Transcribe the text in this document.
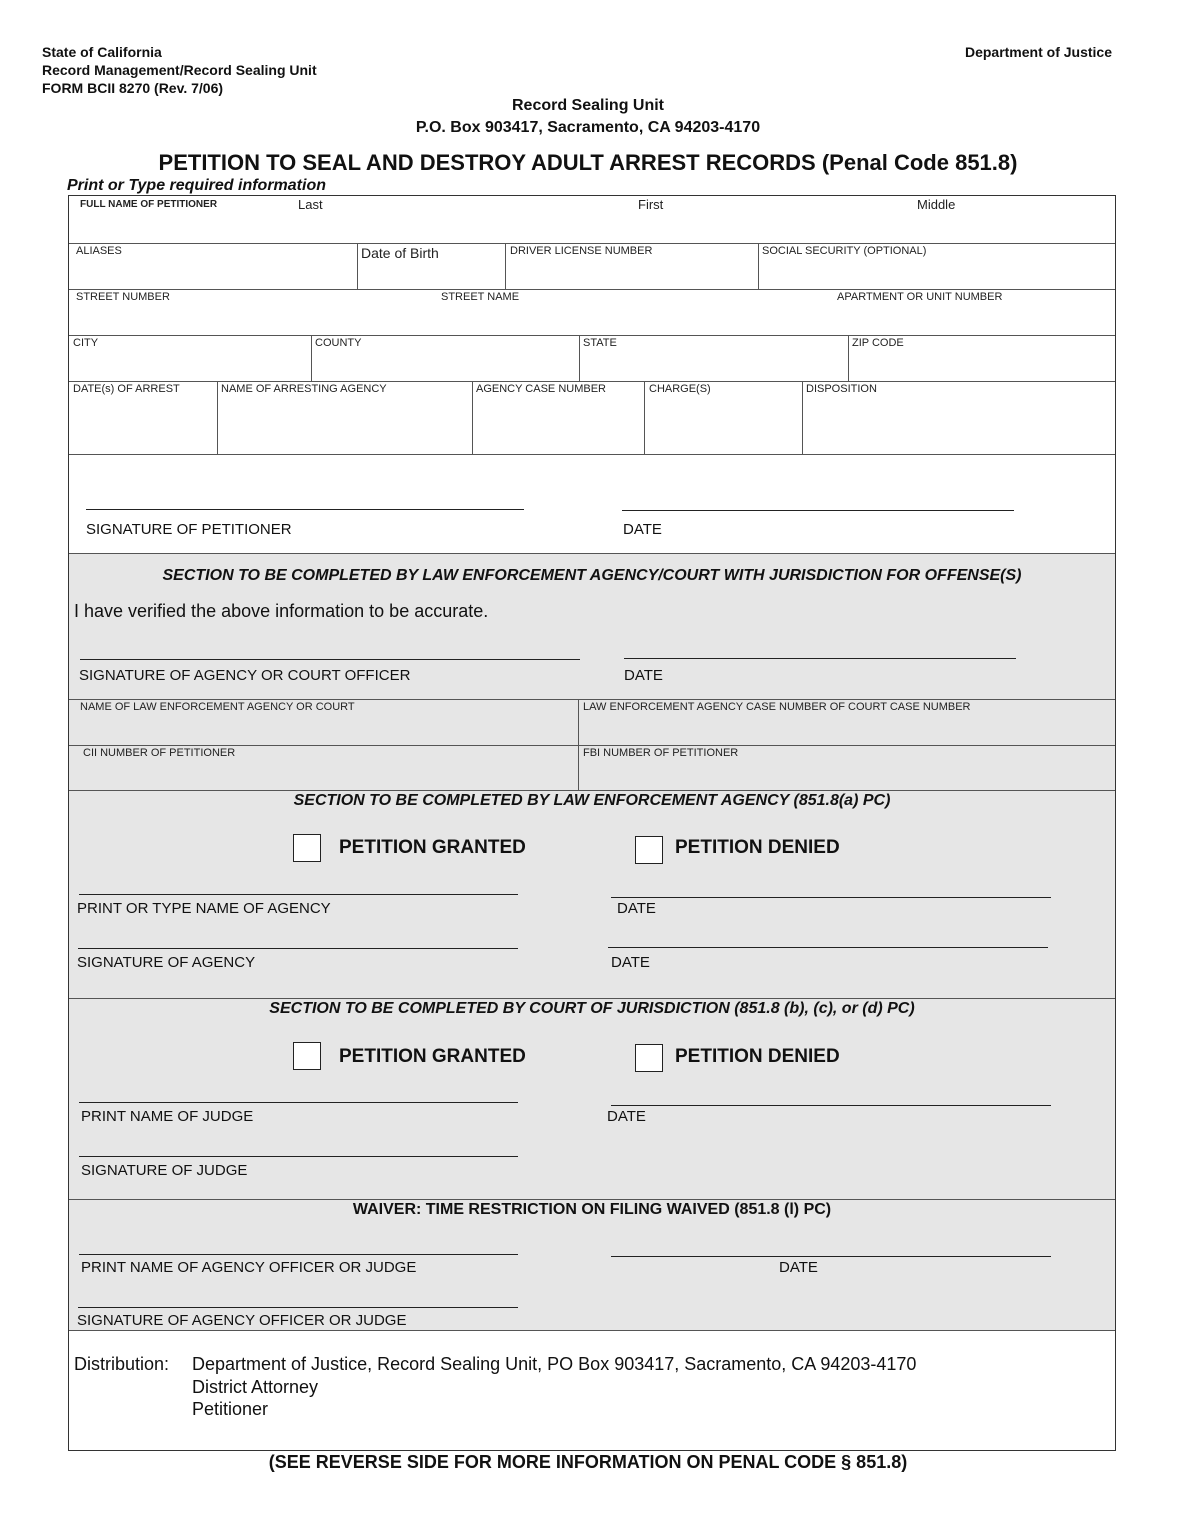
State of California
Record Management/Record Sealing Unit
FORM BCII 8270 (Rev. 7/06)
Department of Justice
Record Sealing Unit
P.O. Box 903417, Sacramento, CA 94203-4170
PETITION TO SEAL AND DESTROY ADULT ARREST RECORDS (Penal Code 851.8)
Print or Type required information
FULL NAME OF PETITIONER	Last	First	Middle
ALIASES	Date of Birth	DRIVER LICENSE NUMBER	SOCIAL SECURITY (OPTIONAL)
STREET NUMBER	STREET NAME	APARTMENT OR UNIT NUMBER
CITY	COUNTY	STATE	ZIP CODE
DATE(s) OF ARREST	NAME OF ARRESTING AGENCY	AGENCY CASE NUMBER	CHARGE(S)	DISPOSITION
SIGNATURE OF PETITIONER	DATE
SECTION TO BE COMPLETED BY LAW ENFORCEMENT AGENCY/COURT WITH JURISDICTION FOR OFFENSE(S)
I have verified the above information to be accurate.
SIGNATURE OF AGENCY OR COURT OFFICER	DATE
NAME OF LAW ENFORCEMENT AGENCY OR COURT	LAW ENFORCEMENT AGENCY CASE NUMBER OF COURT CASE NUMBER
CII NUMBER OF PETITIONER	FBI NUMBER OF PETITIONER
SECTION TO BE COMPLETED BY LAW ENFORCEMENT AGENCY (851.8(a) PC)
PETITION GRANTED	PETITION DENIED
PRINT OR TYPE NAME OF AGENCY	DATE
SIGNATURE OF AGENCY	DATE
SECTION TO BE COMPLETED BY COURT OF JURISDICTION (851.8 (b), (c), or (d) PC)
PETITION GRANTED	PETITION DENIED
PRINT NAME OF JUDGE	DATE
SIGNATURE OF JUDGE
WAIVER: TIME RESTRICTION ON FILING WAIVED (851.8 (l) PC)
PRINT NAME OF AGENCY OFFICER OR JUDGE	DATE
SIGNATURE OF AGENCY OFFICER OR JUDGE
Distribution: Department of Justice, Record Sealing Unit, PO Box 903417, Sacramento, CA 94203-4170
District Attorney
Petitioner
(SEE REVERSE SIDE FOR MORE INFORMATION ON PENAL CODE § 851.8)
